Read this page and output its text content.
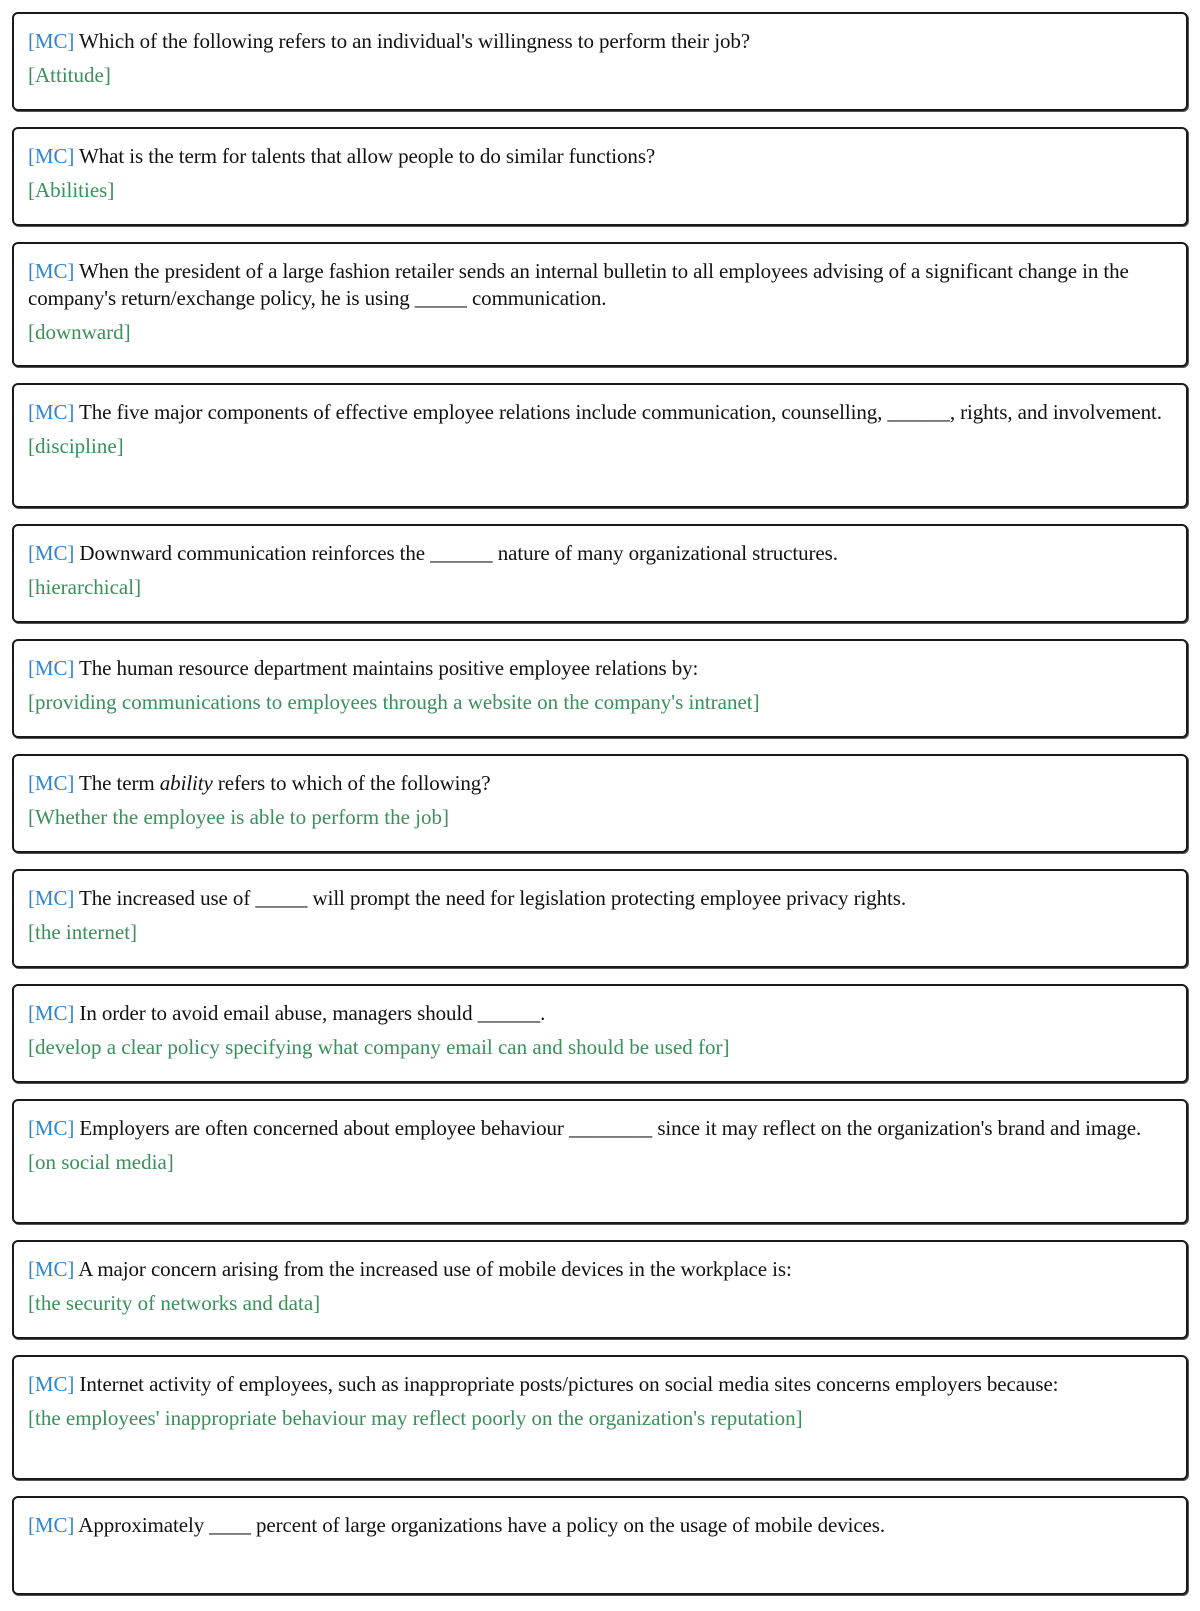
[MC] Which of the following refers to an individual's willingness to perform their job?
[Attitude]
[MC] What is the term for talents that allow people to do similar functions?
[Abilities]
[MC] When the president of a large fashion retailer sends an internal bulletin to all employees advising of a significant change in the company's return/exchange policy, he is using _____ communication.
[downward]
[MC] The five major components of effective employee relations include communication, counselling, ______, rights, and involvement.
[discipline]
[MC] Downward communication reinforces the ______ nature of many organizational structures.
[hierarchical]
[MC] The human resource department maintains positive employee relations by:
[providing communications to employees through a website on the company's intranet]
[MC] The term ability refers to which of the following?
[Whether the employee is able to perform the job]
[MC] The increased use of _____ will prompt the need for legislation protecting employee privacy rights.
[the internet]
[MC] In order to avoid email abuse, managers should ______.
[develop a clear policy specifying what company email can and should be used for]
[MC] Employers are often concerned about employee behaviour ________ since it may reflect on the organization's brand and image.
[on social media]
[MC] A major concern arising from the increased use of mobile devices in the workplace is:
[the security of networks and data]
[MC] Internet activity of employees, such as inappropriate posts/pictures on social media sites concerns employers because:
[the employees' inappropriate behaviour may reflect poorly on the organization's reputation]
[MC] Approximately ____ percent of large organizations have a policy on the usage of mobile devices.
